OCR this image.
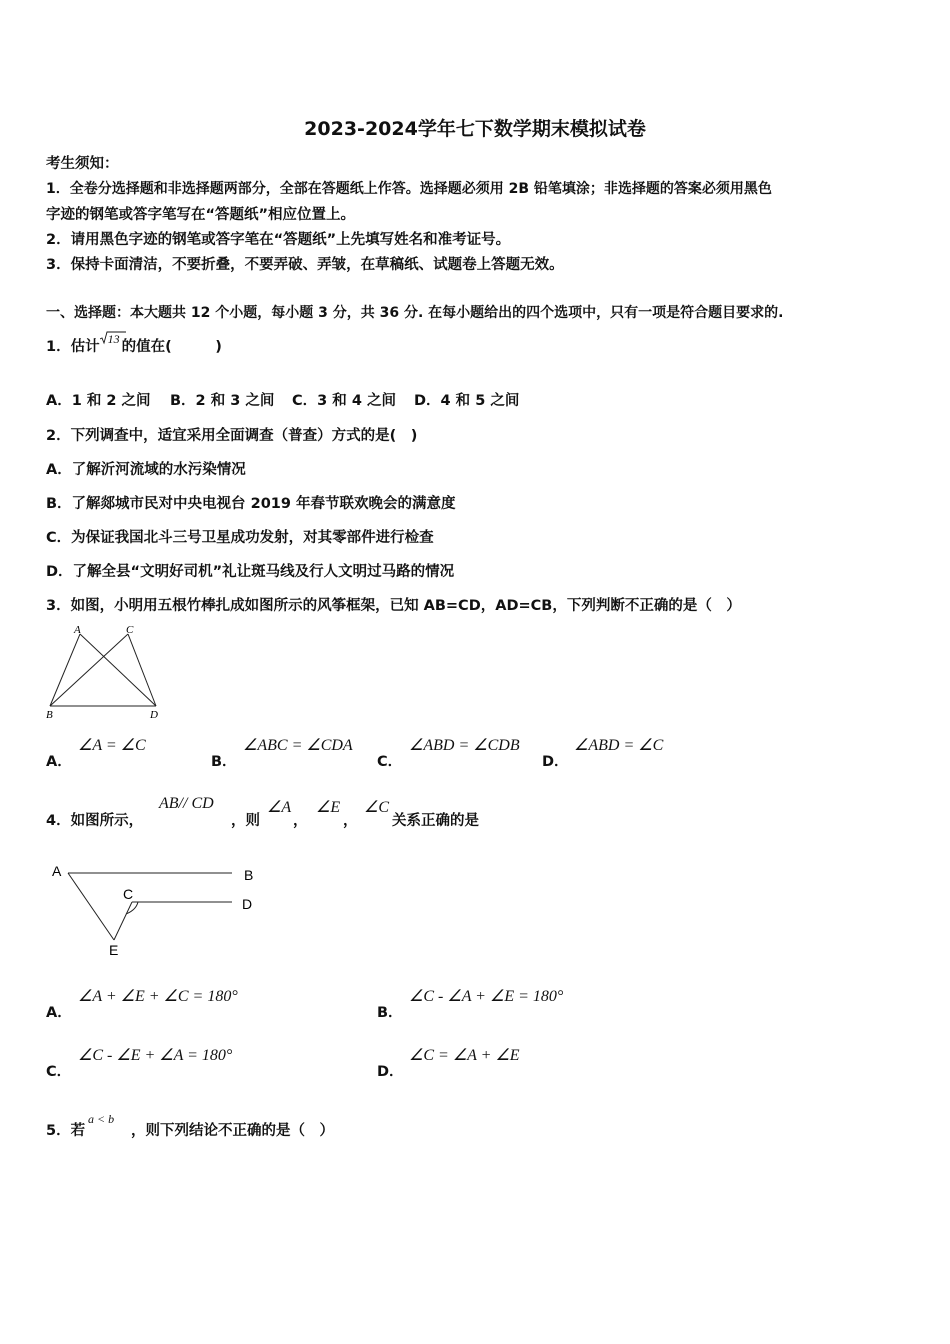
2023-2024学年七下数学期末模拟试卷
考生须知：
1．全卷分选择题和非选择题两部分，全部在答题纸上作答。选择题必须用 2B 铅笔填涂；非选择题的答案必须用黑色
字迹的钢笔或答字笔写在“答题纸”相应位置上。
2．请用黑色字迹的钢笔或答字笔在“答题纸”上先填写姓名和准考证号。
3．保持卡面清洁，不要折叠，不要弄破、弄皱，在草稿纸、试题卷上答题无效。
一、选择题：本大题共 12 个小题，每小题 3 分，共 36 分. 在每小题给出的四个选项中，只有一项是符合题目要求的.
1．估计 13 的值在(　　　)
A．1 和 2 之间 B．2 和 3 之间 C．3 和 4 之间 D．4 和 5 之间
2．下列调查中，适宜采用全面调查（普查）方式的是(　)
A．了解沂河流域的水污染情况
B．了解郯城市民对中央电视台 2019 年春节联欢晚会的满意度
C．为保证我国北斗三号卫星成功发射，对其零部件进行检查
D．了解全县“文明好司机”礼让斑马线及行人文明过马路的情况
3．如图，小明用五根竹棒扎成如图所示的风筝框架，已知 AB=CD，AD=CB，下列判断不正确的是（　）
A	C
B	D
A．
∠A = ∠C
B．
∠ABC = ∠CDA
C．
∠ABD = ∠CDB
D．
∠ABD = ∠C
4．如图所示，
AB// CD
，则
∠A
，
∠E
，
∠C
关系正确的是
A	B
C
D
E
A．
∠A + ∠E + ∠C = 180°
B．
∠C - ∠A + ∠E = 180°
C．
∠C - ∠E + ∠A = 180°
D．
∠C = ∠A + ∠E
5．若
a < b
，则下列结论不正确的是（　）
